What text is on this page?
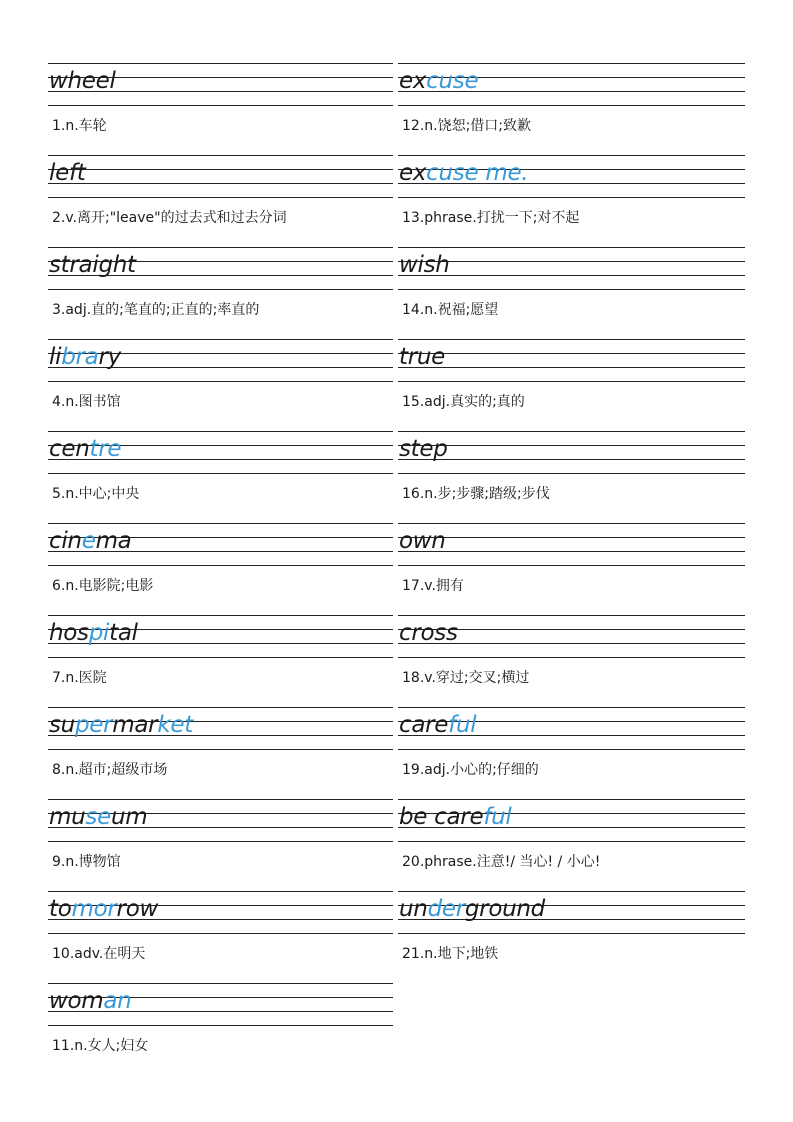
wheel
1.n.车轮
left
2.v.离开;"leave"的过去式和过去分词
straight
3.adj.直的;笔直的;正直的;率直的
library
4.n.图书馆
centre
5.n.中心;中央
cinema
6.n.电影院;电影
hospital
7.n.医院
supermarket
8.n.超市;超级市场
museum
9.n.博物馆
tomorrow
10.adv.在明天
woman
11.n.女人;妇女
excuse
12.n.饶恕;借口;致歉
excuse me.
13.phrase.打扰一下;对不起
wish
14.n.祝福;愿望
true
15.adj.真实的;真的
step
16.n.步;步骤;踏级;步伐
own
17.v.拥有
cross
18.v.穿过;交叉;横过
careful
19.adj.小心的;仔细的
be careful
20.phrase.注意!/ 当心! / 小心!
underground
21.n.地下;地铁
